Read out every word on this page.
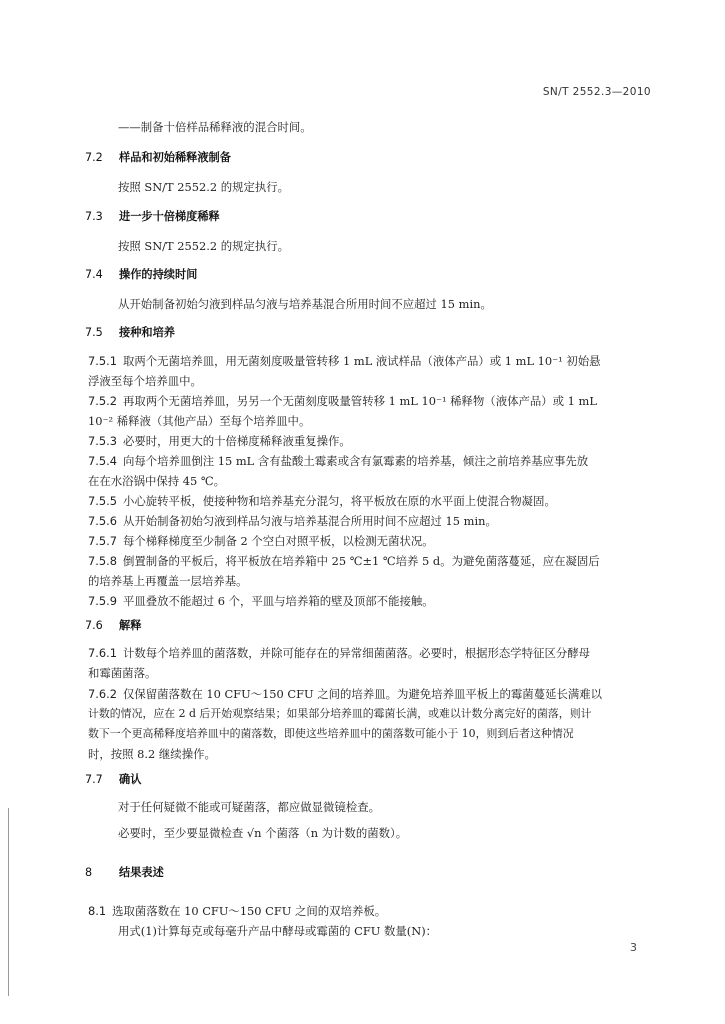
SN/T 2552.3—2010
——制备十倍样品稀释液的混合时间。
7.2 样品和初始稀释液制备
按照 SN/T 2552.2 的规定执行。
7.3 进一步十倍梯度稀释
按照 SN/T 2552.2 的规定执行。
7.4 操作的持续时间
从开始制备初始匀液到样品匀液与培养基混合所用时间不应超过 15 min。
7.5 接种和培养
7.5.1 取两个无菌培养皿，用无菌刻度吸量管转移 1 mL 液试样品（液体产品）或 1 mL 10⁻¹ 初始悬
浮液至每个培养皿中。
7.5.2 再取两个无菌培养皿，另另一个无菌刻度吸量管转移 1 mL 10⁻¹ 稀释物（液体产品）或 1 mL
10⁻² 稀释液（其他产品）至每个培养皿中。
7.5.3 必要时，用更大的十倍梯度稀释液重复操作。
7.5.4 向每个培养皿倒注 15 mL 含有盐酸土霉素或含有氯霉素的培养基，倾注之前培养基应事先放
在在水浴锅中保持 45 ℃。
7.5.5 小心旋转平板，使接种物和培养基充分混匀，将平板放在原的水平面上使混合物凝固。
7.5.6 从开始制备初始匀液到样品匀液与培养基混合所用时间不应超过 15 min。
7.5.7 每个梯释梯度至少制备 2 个空白对照平板，以检测无菌状况。
7.5.8 倒置制备的平板后，将平板放在培养箱中 25 ℃±1 ℃培养 5 d。为避免菌落蔓延，应在凝固后
的培养基上再覆盖一层培养基。
7.5.9 平皿叠放不能超过 6 个，平皿与培养箱的壁及顶部不能接触。
7.6 解释
7.6.1 计数每个培养皿的菌落数，并除可能存在的异常细菌菌落。必要时，根据形态学特征区分酵母
和霉菌菌落。
7.6.2 仅保留菌落数在 10 CFU～150 CFU 之间的培养皿。为避免培养皿平板上的霉菌蔓延长满难以
计数的情况，应在 2 d 后开始观察结果；如果部分培养皿的霉菌长满，或难以计数分离完好的菌落，则计
数下一个更高稀释度培养皿中的菌落数，即使这些培养皿中的菌落数可能小于 10，则到后者这种情况
时，按照 8.2 继续操作。
7.7 确认
对于任何疑微不能或可疑菌落，都应做显微镜检查。
必要时，至少要显微检查 √n 个菌落（n 为计数的菌数）。
8 结果表述
8.1 选取菌落数在 10 CFU～150 CFU 之间的双培养板。
用式(1)计算每克或每毫升产品中酵母或霉菌的 CFU 数量(N)：
3
